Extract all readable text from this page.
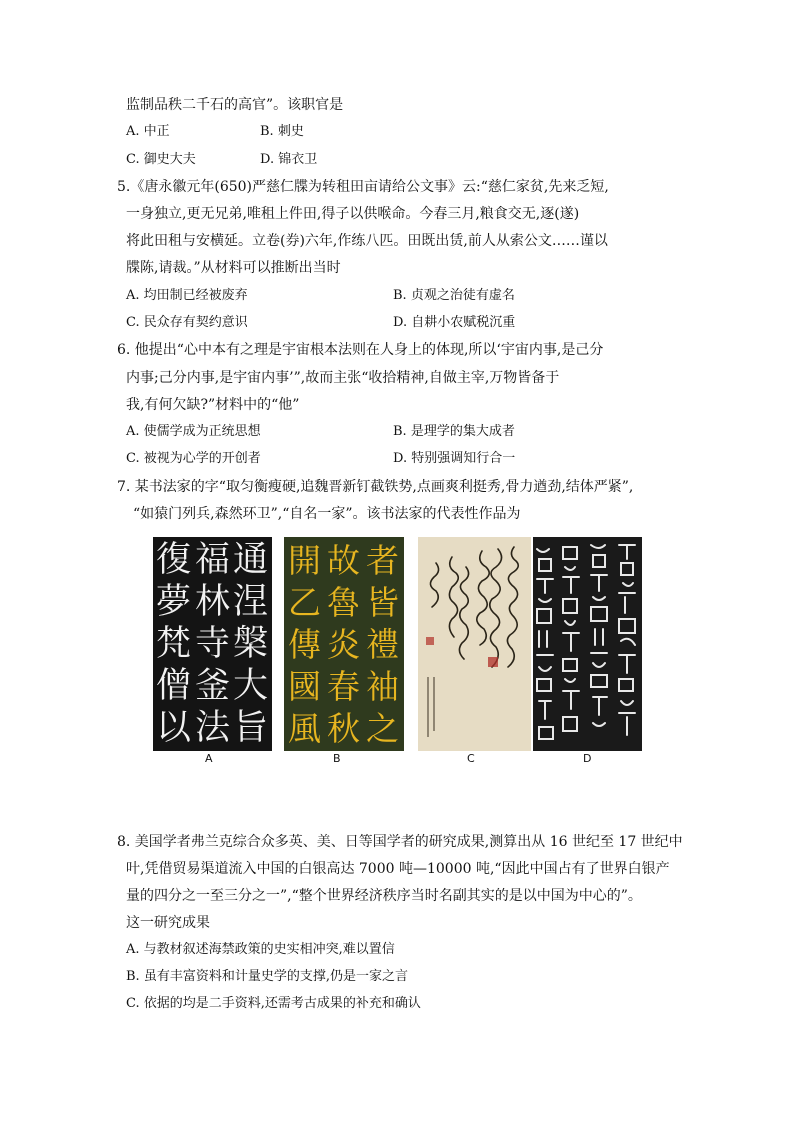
监制品秩二千石的高官”。该职官是
A. 中正	B. 刺史
C. 御史大夫	D. 锦衣卫
5.《唐永徽元年(650)严慈仁牒为转租田亩请给公文事》云:“慈仁家贫,先来乏短,
一身独立,更无兄弟,唯租上件田,得子以供喉命。今春三月,粮食交无,逐(遂)
将此田租与安横延。立卷(券)六年,作练八匹。田既出赁,前人从索公文……谨以
牒陈,请裁。”从材料可以推断出当时
A. 均田制已经被废弃	B. 贞观之治徒有虚名
C. 民众存有契约意识	D. 自耕小农赋税沉重
6. 他提出“心中本有之理是宇宙根本法则在人身上的体现,所以‘宇宙内事,是己分
内事;己分内事,是宇宙内事’”,故而主张“收拾精神,自做主宰,万物皆备于
我,有何欠缺?”材料中的“他”
A. 使儒学成为正统思想	B. 是理学的集大成者
C. 被视为心学的开创者	D. 特别强调知行合一
7. 某书法家的字“取匀衡瘦硬,追魏晋新钉截铁势,点画爽利挺秀,骨力遒劲,结体严紧”,
“如猿门列兵,森然环卫”,“自名一家”。该书法家的代表性作品为
通涅槃大旨
福林寺釜法
復夢梵僧以
A
者皆禮袖之
故魯炎春秋
開乙傳國風
B	C	D
8. 美国学者弗兰克综合众多英、美、日等国学者的研究成果,测算出从 16 世纪至 17 世纪中
叶,凭借贸易渠道流入中国的白银高达 7000 吨—10000 吨,“因此中国占有了世界白银产
量的四分之一至三分之一”,“整个世界经济秩序当时名副其实的是以中国为中心的”。
这一研究成果
A. 与教材叙述海禁政策的史实相冲突,难以置信
B. 虽有丰富资料和计量史学的支撑,仍是一家之言
C. 依据的均是二手资料,还需考古成果的补充和确认
